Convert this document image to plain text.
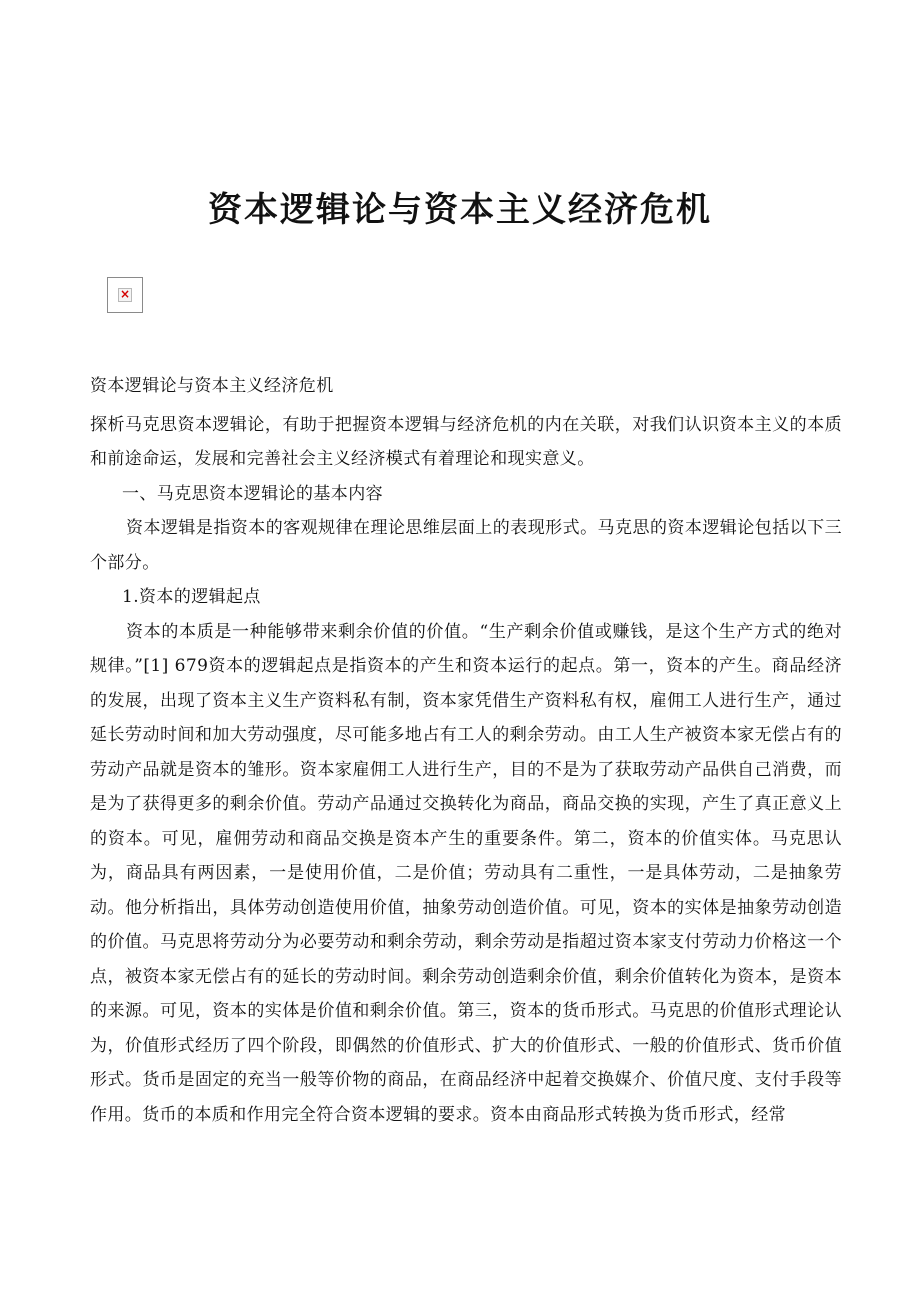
资本逻辑论与资本主义经济危机
×

资本逻辑论与资本主义经济危机

探析马克思资本逻辑论，有助于把握资本逻辑与经济危机的内在关联，对我们认识资本主义的本质和前途命运，发展和完善社会主义经济模式有着理论和现实意义。

一、马克思资本逻辑论的基本内容

资本逻辑是指资本的客观规律在理论思维层面上的表现形式。马克思的资本逻辑论包括以下三个部分。

1.资本的逻辑起点

资本的本质是一种能够带来剩余价值的价值。“生产剩余价值或赚钱，是这个生产方式的绝对规律。”[1] 679资本的逻辑起点是指资本的产生和资本运行的起点。第一，资本的产生。商品经济的发展，出现了资本主义生产资料私有制，资本家凭借生产资料私有权，雇佣工人进行生产，通过延长劳动时间和加大劳动强度，尽可能多地占有工人的剩余劳动。由工人生产被资本家无偿占有的劳动产品就是资本的雏形。资本家雇佣工人进行生产，目的不是为了获取劳动产品供自己消费，而是为了获得更多的剩余价值。劳动产品通过交换转化为商品，商品交换的实现，产生了真正意义上的资本。可见，雇佣劳动和商品交换是资本产生的重要条件。第二，资本的价值实体。马克思认为，商品具有两因素，一是使用价值，二是价值；劳动具有二重性，一是具体劳动，二是抽象劳动。他分析指出，具体劳动创造使用价值，抽象劳动创造价值。可见，资本的实体是抽象劳动创造的价值。马克思将劳动分为必要劳动和剩余劳动，剩余劳动是指超过资本家支付劳动力价格这一个点，被资本家无偿占有的延长的劳动时间。剩余劳动创造剩余价值，剩余价值转化为资本，是资本的来源。可见，资本的实体是价值和剩余价值。第三，资本的货币形式。马克思的价值形式理论认为，价值形式经历了四个阶段，即偶然的价值形式、扩大的价值形式、一般的价值形式、货币价值形式。货币是固定的充当一般等价物的商品，在商品经济中起着交换媒介、价值尺度、支付手段等作用。货币的本质和作用完全符合资本逻辑的要求。资本由商品形式转换为货币形式，经常
